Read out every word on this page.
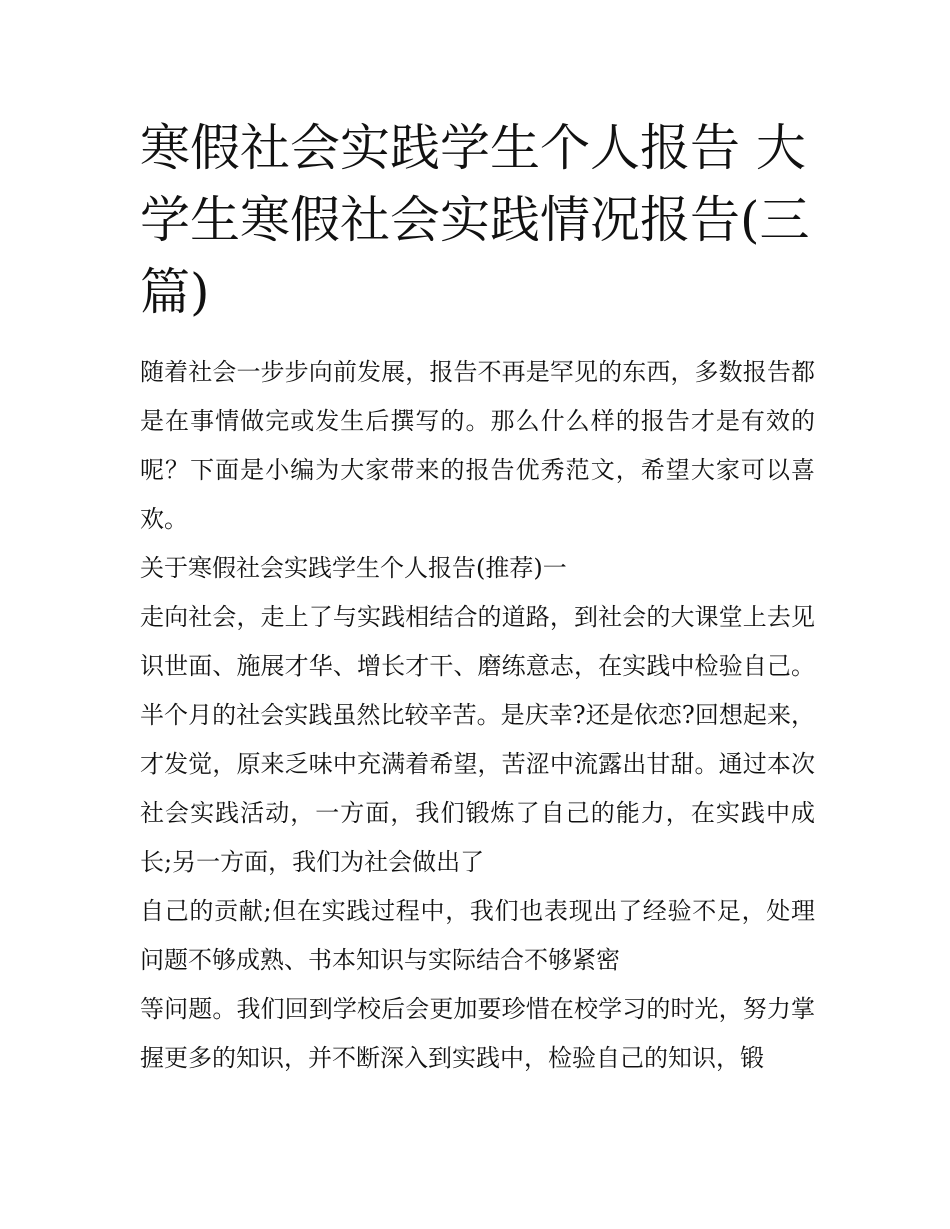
寒假社会实践学生个人报告 大学生寒假社会实践情况报告(三篇)

随着社会一步步向前发展，报告不再是罕见的东西，多数报告都是在事情做完或发生后撰写的。那么什么样的报告才是有效的呢？下面是小编为大家带来的报告优秀范文，希望大家可以喜欢。

关于寒假社会实践学生个人报告(推荐)一

走向社会，走上了与实践相结合的道路，到社会的大课堂上去见识世面、施展才华、增长才干、磨练意志，在实践中检验自己。半个月的社会实践虽然比较辛苦。是庆幸?还是依恋?回想起来，才发觉，原来乏味中充满着希望，苦涩中流露出甘甜。通过本次社会实践活动，一方面，我们锻炼了自己的能力，在实践中成长;另一方面，我们为社会做出了

自己的贡献;但在实践过程中，我们也表现出了经验不足，处理问题不够成熟、书本知识与实际结合不够紧密

等问题。我们回到学校后会更加要珍惜在校学习的时光，努力掌握更多的知识，并不断深入到实践中，检验自己的知识，锻
